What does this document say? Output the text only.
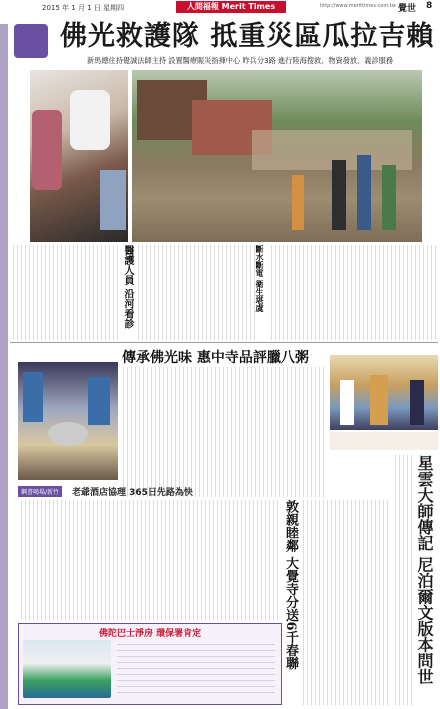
2015 年 1 月 1 日 星期四	人間福報 Merit Times	http://www.merittimes.com.tw 覺世 8
佛光救護隊 抵重災區瓜拉吉賴
新馬總住持覺誠法師主持 設置醫療賑災指揮中心 昨兵分3路 進行陸海搜救、物資發放、義診服務
醫護人員 沿河看診	斷水斷電 衛生堪虞
傳承佛光味 惠中寺品評臘八粥
敦親睦鄰 大覺寺分送6千春聯	星雲大師傳記 尼泊爾文版本問世
鋼書喝場/新竹	老爺酒店協理 365日先路為快
佛陀巴士淨房 環保署肯定
